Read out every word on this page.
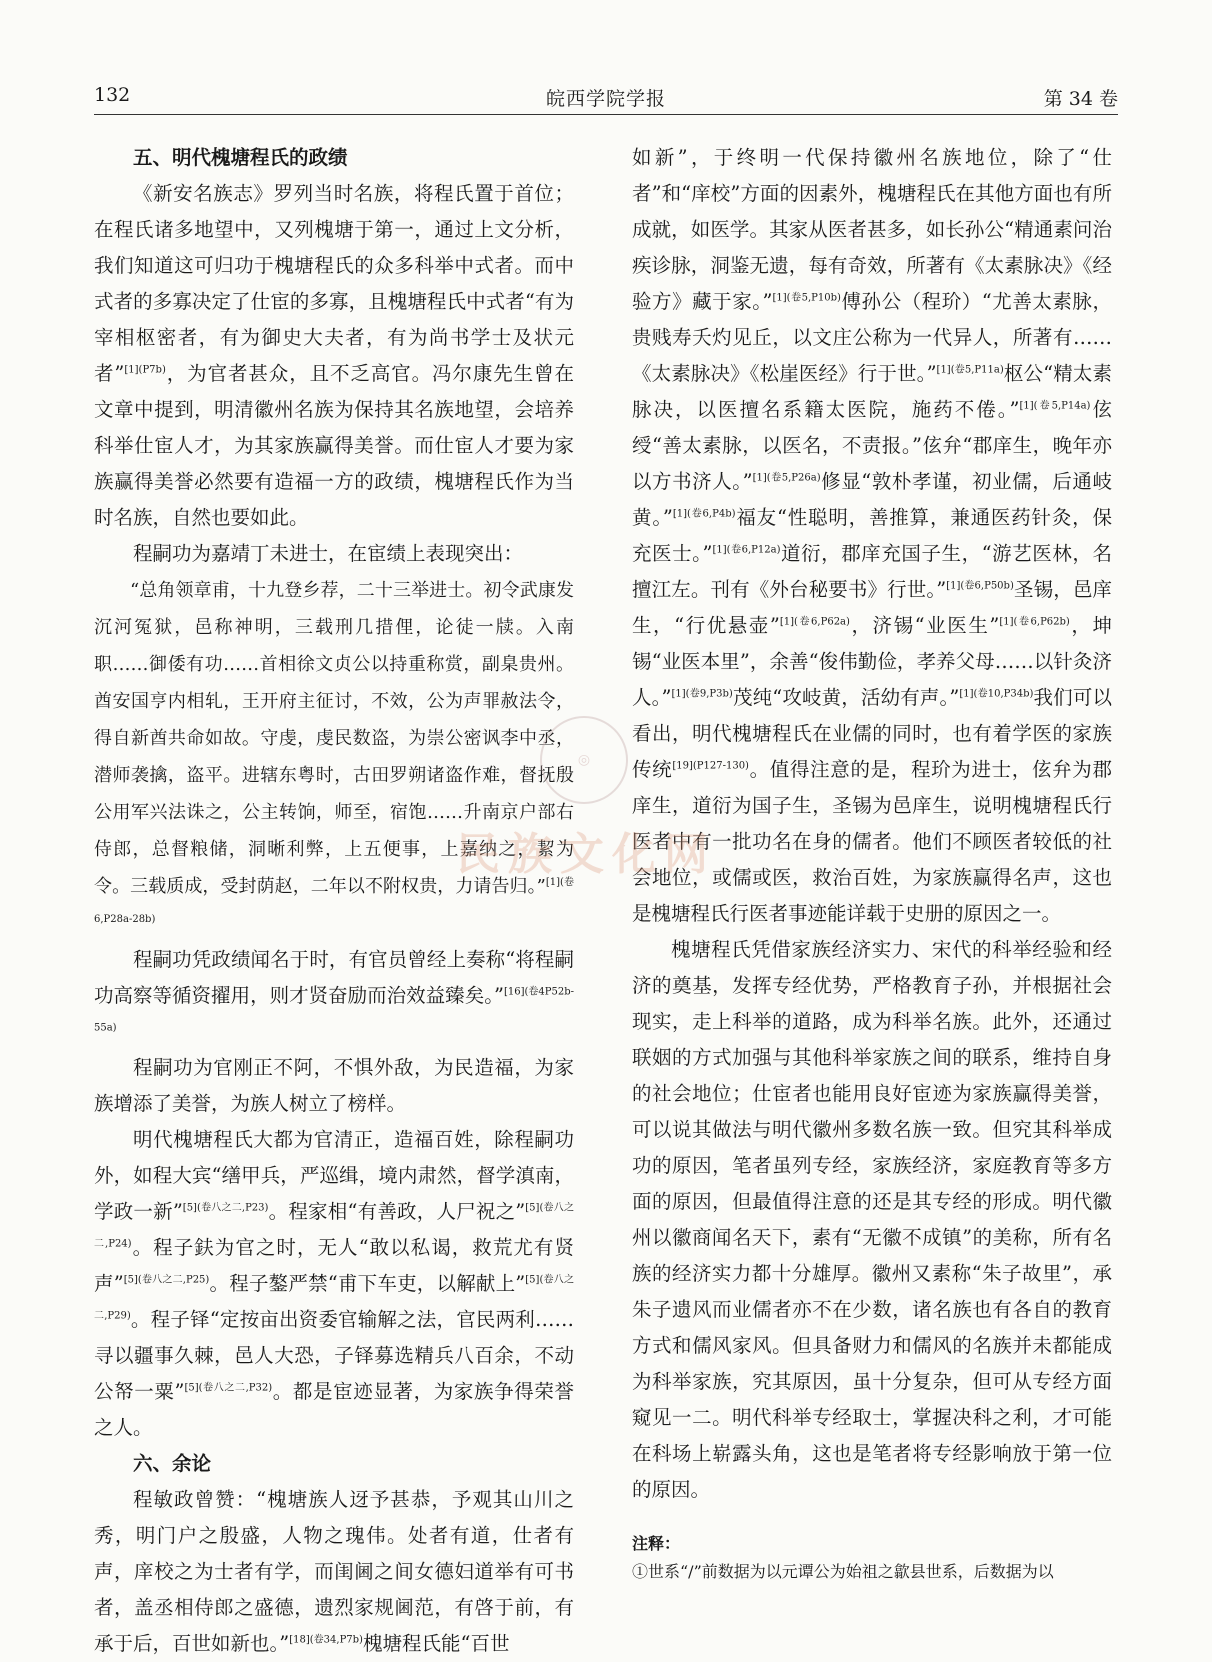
132	皖西学院学报	第 34 卷
五、明代槐塘程氏的政绩

《新安名族志》罗列当时名族，将程氏置于首位；在程氏诸多地望中，又列槐塘于第一，通过上文分析，我们知道这可归功于槐塘程氏的众多科举中式者。而中式者的多寡决定了仕宦的多寡，且槐塘程氏中式者“有为宰相枢密者，有为御史大夫者，有为尚书学士及状元者”$^{[1](P7b)}$，为官者甚众，且不乏高官。冯尔康先生曾在文章中提到，明清徽州名族为保持其名族地望，会培养科举仕宦人才，为其家族赢得美誉。而仕宦人才要为家族赢得美誉必然要有造福一方的政绩，槐塘程氏作为当时名族，自然也要如此。

程嗣功为嘉靖丁未进士，在宦绩上表现突出：

“总角领章甫，十九登乡荐，二十三举进士。初令武康发沉河冤狱，邑称神明，三载刑几措俚，论徒一牍。入南职……御倭有功……首相徐文贞公以持重称赏，副臬贵州。酋安国亨内相轧，王开府主征讨，不效，公为声罪赦法令，得自新酋共命如故。守虔，虔民数盗，为崇公密讽李中丞，潜师袭擒，盗平。进辖东粤时，古田罗朔诸盗作难，督抚殷公用军兴法诛之，公主转饷，师至，宿饱……升南京户部右侍郎，总督粮储，洞晰利弊，上五便事，上嘉纳之，絜为令。三载质成，受封荫赵，二年以不附权贵，力请告归。”$^{[1](卷6,P28a-28b)}$

程嗣功凭政绩闻名于时，有官员曾经上奏称“将程嗣功高察等循资擢用，则才贤奋励而治效益臻矣。”$^{[16](卷4P52b-55a)}$

程嗣功为官刚正不阿，不惧外敌，为民造福，为家族增添了美誉，为族人树立了榜样。

明代槐塘程氏大都为官清正，造福百姓，除程嗣功外，如程大宾“缮甲兵，严巡缉，境内肃然，督学滇南，学政一新”$^{[5](卷八之二,P23)}$。程家相“有善政，人尸祝之”$^{[5](卷八之二,P24)}$。程子鈇为官之时，无人“敢以私谒，救荒尤有贤声”$^{[5](卷八之二,P25)}$。程子鏊严禁“甫下车吏，以解献上”$^{[5](卷八之二,P29)}$。程子铎“定按亩出资委官输解之法，官民两利……寻以疆事久棘，邑人大恐，子铎募选精兵八百余，不动公帑一粟”$^{[5](卷八之二,P32)}$。都是宦迹显著，为家族争得荣誉之人。

六、余论

程敏政曾赞：“槐塘族人迓予甚恭，予观其山川之秀，明门户之殷盛，人物之瑰伟。处者有道，仕者有声，庠校之为士者有学，而闺阃之间女德妇道举有可书者，盖丞相侍郎之盛德，遗烈家规阃范，有啓于前，有承于后，百世如新也。”$^{[18](卷34,P7b)}$槐塘程氏能“百世

如新”，于终明一代保持徽州名族地位，除了“仕者”和“庠校”方面的因素外，槐塘程氏在其他方面也有所成就，如医学。其家从医者甚多，如长孙公“精通素问治疾诊脉，洞鉴无遗，每有奇效，所著有《太素脉决》《经验方》藏于家。”$^{[1](卷5,P10b)}$傅孙公（程玠）“尤善太素脉，贵贱寿夭灼见丘，以文庄公称为一代异人，所著有……《太素脉决》《松崖医经》行于世。”$^{[1](卷5,P11a)}$枢公“精太素脉决，以医擅名系籍太医院，施药不倦。”$^{[1](卷5,P14a)}$伭绶“善太素脉，以医名，不责报。”伭弁“郡庠生，晚年亦以方书济人。”$^{[1](卷5,P26a)}$修显“敦朴孝谨，初业儒，后通岐黄。”$^{[1](卷6,P4b)}$福友“性聪明，善推算，兼通医药针灸，保充医士。”$^{[1](卷6,P12a)}$道衍，郡庠充国子生，“游艺医林，名擅江左。刊有《外台秘要书》行世。”$^{[1](卷6,P50b)}$圣锡，邑庠生，“行优悬壶”$^{[1](卷6,P62a)}$，济锡“业医生”$^{[1](卷6,P62b)}$，坤锡“业医本里”，余善“俊伟勤俭，孝养父母……以针灸济人。”$^{[1](卷9,P3b)}$茂纯“攻岐黄，活幼有声。”$^{[1](卷10,P34b)}$我们可以看出，明代槐塘程氏在业儒的同时，也有着学医的家族传统$^{[19](P127-130)}$。值得注意的是，程玠为进士，伭弁为郡庠生，道衍为国子生，圣锡为邑庠生，说明槐塘程氏行医者中有一批功名在身的儒者。他们不顾医者较低的社会地位，或儒或医，救治百姓，为家族赢得名声，这也是槐塘程氏行医者事迹能详载于史册的原因之一。

槐塘程氏凭借家族经济实力、宋代的科举经验和经济的奠基，发挥专经优势，严格教育子孙，并根据社会现实，走上科举的道路，成为科举名族。此外，还通过联姻的方式加强与其他科举家族之间的联系，维持自身的社会地位；仕宦者也能用良好宦迹为家族赢得美誉，可以说其做法与明代徽州多数名族一致。但究其科举成功的原因，笔者虽列专经，家族经济，家庭教育等多方面的原因，但最值得注意的还是其专经的形成。明代徽州以徽商闻名天下，素有“无徽不成镇”的美称，所有名族的经济实力都十分雄厚。徽州又素称“朱子故里”，承朱子遗风而业儒者亦不在少数，诸名族也有各自的教育方式和儒风家风。但具备财力和儒风的名族并未都能成为科举家族，究其原因，虽十分复杂，但可从专经方面窥见一二。明代科举专经取士，掌握决科之利，才可能在科场上崭露头角，这也是笔者将专经影响放于第一位的原因。

注释：

①世系“/”前数据为以元谭公为始祖之歙县世系，后数据为以

◎
民族文化网
